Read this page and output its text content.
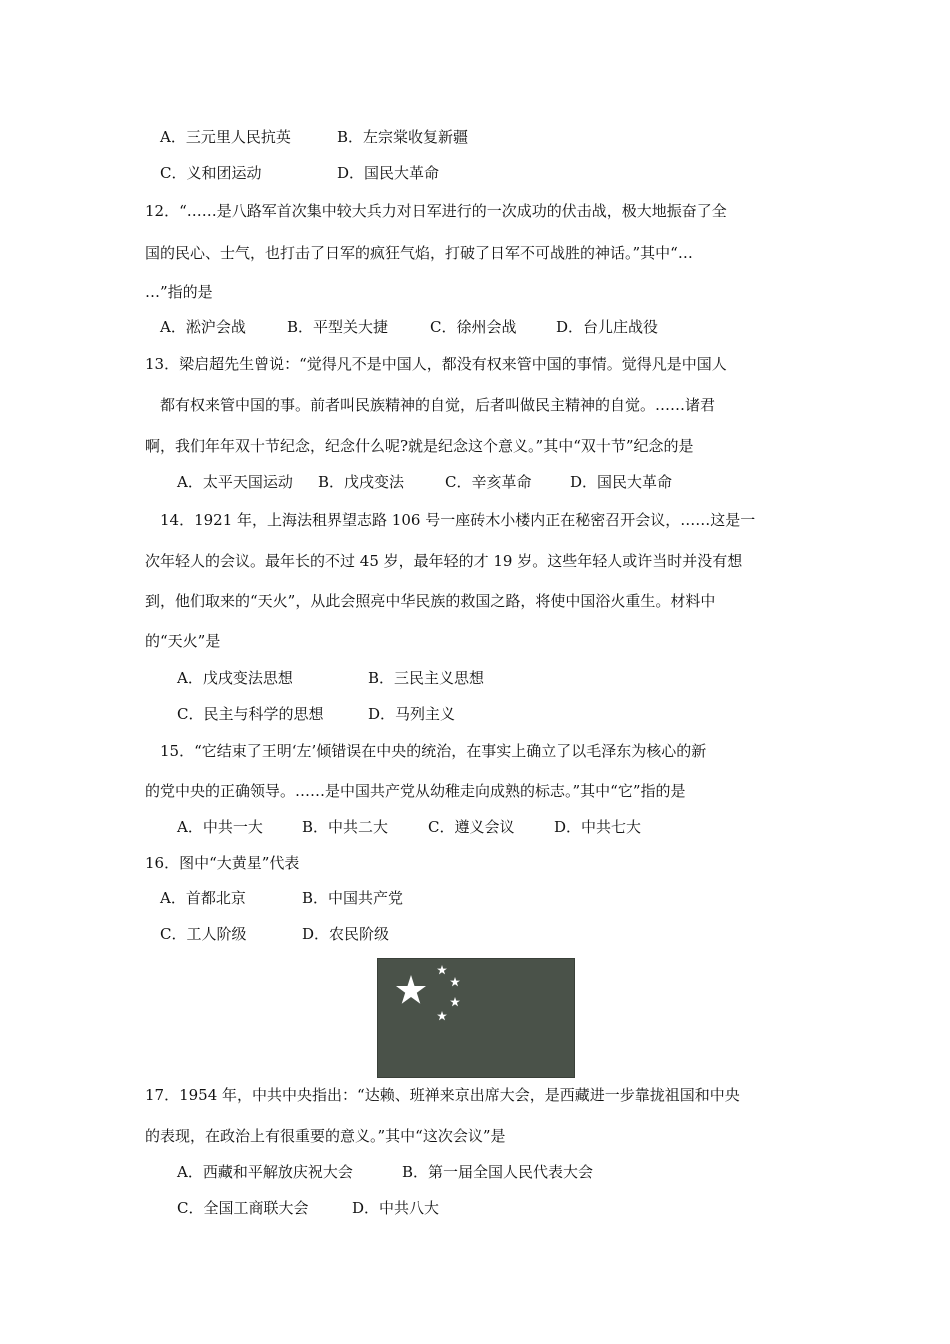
A．三元里人民抗英	B．左宗棠收复新疆
C．义和团运动	D．国民大革命
12．“……是八路军首次集中较大兵力对日军进行的一次成功的伏击战，极大地振奋了全
国的民心、士气，也打击了日军的疯狂气焰，打破了日军不可战胜的神话。”其中“…
…”指的是
A．淞沪会战	B．平型关大捷	C．徐州会战	D．台儿庄战役
13．梁启超先生曾说：“觉得凡不是中国人，都没有权来管中国的事情。觉得凡是中国人
都有权来管中国的事。前者叫民族精神的自觉，后者叫做民主精神的自觉。……诸君
啊，我们年年双十节纪念，纪念什么呢?就是纪念这个意义。”其中“双十节”纪念的是
A．太平天国运动 B．戊戌变法	C．辛亥革命	D．国民大革命
14．1921 年，上海法租界望志路 106 号一座砖木小楼内正在秘密召开会议，……这是一
次年轻人的会议。最年长的不过 45 岁，最年轻的才 19 岁。这些年轻人或许当时并没有想
到，他们取来的“天火”，从此会照亮中华民族的救国之路，将使中国浴火重生。材料中
的“天火”是
A．戊戌变法思想	B．三民主义思想
C．民主与科学的思想	D．马列主义
15．“它结束了王明‘左’倾错误在中央的统治，在事实上确立了以毛泽东为核心的新
的党中央的正确领导。……是中国共产党从幼稚走向成熟的标志。”其中“它”指的是
A．中共一大	B．中共二大	C．遵义会议	D．中共七大
16．图中“大黄星”代表
A．首都北京	B．中国共产党
C．工人阶级	D．农民阶级
17．1954 年，中共中央指出：“达赖、班禅来京出席大会，是西藏进一步靠拢祖国和中央
的表现，在政治上有很重要的意义。”其中“这次会议”是
A．西藏和平解放庆祝大会	B．第一届全国人民代表大会
C．全国工商联大会	D．中共八大
